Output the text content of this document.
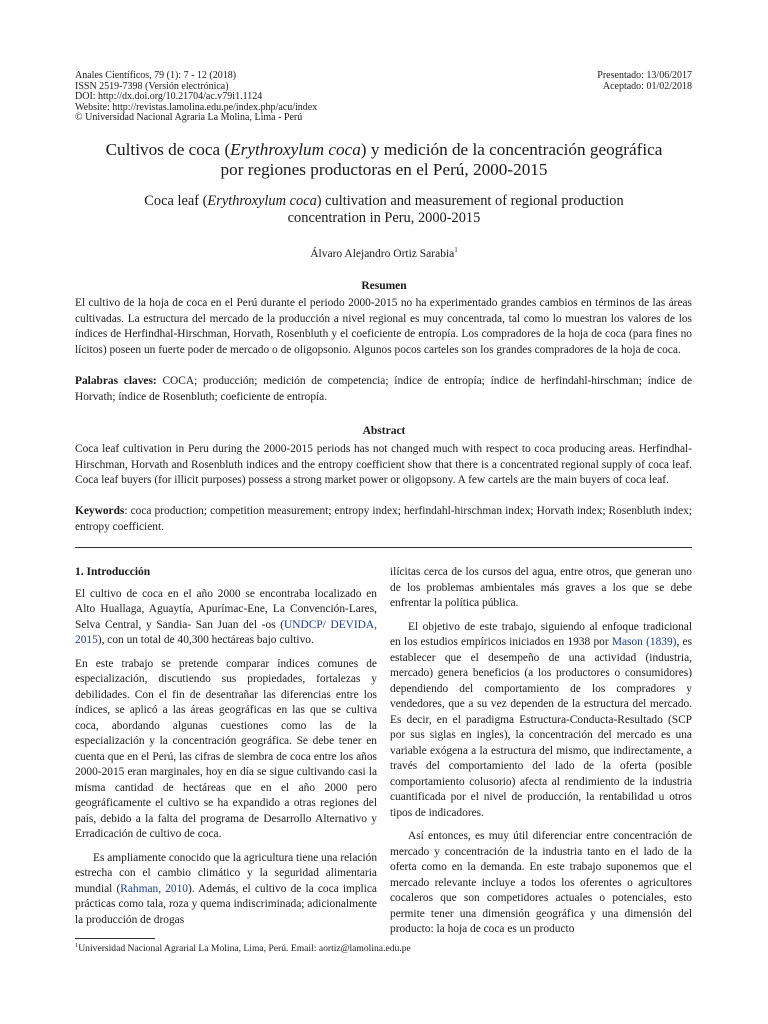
Anales Científicos, 79 (1): 7 - 12 (2018)
ISSN 2519-7398 (Versión electrónica)
DOI: http://dx.doi.org/10.21704/ac.v79i1.1124
Website: http://revistas.lamolina.edu.pe/index.php/acu/index
© Universidad Nacional Agraria La Molina, Lima - Perú
Presentado: 13/06/2017
Aceptado: 01/02/2018
Cultivos de coca (Erythroxylum coca) y medición de la concentración geográfica
por regiones productoras en el Perú, 2000-2015
Coca leaf (Erythroxylum coca) cultivation and measurement of regional production
concentration in Peru, 2000-2015
Álvaro Alejandro Ortiz Sarabia$^1$
Resumen
El cultivo de la hoja de coca en el Perú durante el periodo 2000-2015 no ha experimentado grandes cambios en términos de las áreas cultivadas. La estructura del mercado de la producción a nivel regional es muy concentrada, tal como lo muestran los valores de los índices de Herfindhal-Hirschman, Horvath, Rosenbluth y el coeficiente de entropía. Los compradores de la hoja de coca (para fines no lícitos) poseen un fuerte poder de mercado o de oligopsonio. Algunos pocos carteles son los grandes compradores de la hoja de coca.
Palabras claves: COCA; producción; medición de competencia; índice de entropía; índice de herfindahl-hirschman; índice de Horvath; índice de Rosenbluth; coeficiente de entropía.
Abstract
Coca leaf cultivation in Peru during the 2000-2015 periods has not changed much with respect to coca producing areas. Herfindhal-Hirschman, Horvath and Rosenbluth indices and the entropy coefficient show that there is a concentrated regional supply of coca leaf. Coca leaf buyers (for illicit purposes) possess a strong market power or oligopsony. A few cartels are the main buyers of coca leaf.
Keywords: coca production; competition measurement; entropy index; herfindahl-hirschman index; Horvath index; Rosenbluth index; entropy coefficient.
1. Introducción

El cultivo de coca en el año 2000 se encontraba localizado en Alto Huallaga, Aguaytía, Apurímac-Ene, La Convención-Lares, Selva Central, y Sandia- San Juan del -os (UNDCP/ DEVIDA, 2015), con un total de 40,300 hectáreas bajo cultivo.

En este trabajo se pretende comparar índices comunes de especialización, discutiendo sus propiedades, fortalezas y debilidades. Con el fin de desentrañar las diferencias entre los índices, se aplicó a las áreas geográficas en las que se cultiva coca, abordando algunas cuestiones como las de la especialización y la concentración geográfica. Se debe tener en cuenta que en el Perú, las cifras de siembra de coca entre los años 2000-2015 eran marginales, hoy en día se sigue cultivando casi la misma cantidad de hectáreas que en el año 2000 pero geográficamente el cultivo se ha expandido a otras regiones del país, debido a la falta del programa de Desarrollo Alternativo y Erradicación de cultivo de coca.

Es ampliamente conocido que la agricultura tiene una relación estrecha con el cambio climático y la seguridad alimentaria mundial (Rahman, 2010). Además, el cultivo de la coca implica prácticas como tala, roza y quema indiscriminada; adicionalmente la producción de drogas

ilícitas cerca de los cursos del agua, entre otros, que generan uno de los problemas ambientales más graves a los que se debe enfrentar la política pública.

El objetivo de este trabajo, siguiendo al enfoque tradicional en los estudios empíricos iniciados en 1938 por Mason (1839), es establecer que el desempeño de una actividad (industria, mercado) genera beneficios (a los productores o consumidores) dependiendo del comportamiento de los compradores y vendedores, que a su vez dependen de la estructura del mercado. Es decir, en el paradigma Estructura-Conducta-Resultado (SCP por sus siglas en ingles), la concentración del mercado es una variable exógena a la estructura del mismo, que indirectamente, a través del comportamiento del lado de la oferta (posible comportamiento colusorio) afecta al rendimiento de la industria cuantificada por el nivel de producción, la rentabilidad u otros tipos de indicadores.

Así entonces, es muy útil diferenciar entre concentración de mercado y concentración de la industria tanto en el lado de la oferta como en la demanda. En este trabajo suponemos que el mercado relevante incluye a todos los oferentes o agricultores cocaleros que son competidores actuales o potenciales, esto permite tener una dimensión geográfica y una dimensión del producto: la hoja de coca es un producto

$^1$Universidad Nacional Agrarial La Molina, Lima, Perú. Email: aortiz@lamolina.edu.pe
